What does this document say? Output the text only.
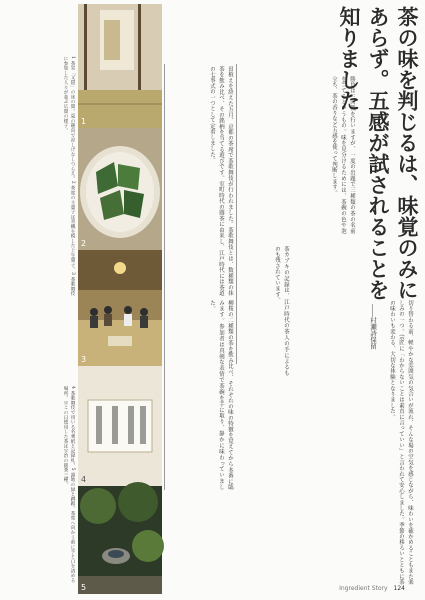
1
2
3
4
5
1 茶室「又隠」の床の間。夏の趣向で涼しげなしつらえ。2 茶席の主菓子は青楓を模した上生菓子。3 茶歌舞伎に参加した人々が並ぶ広間の様子。
4 茶歌舞伎で用いる名乗紙と記録札。5 露地の緑と蹲踞。茶席へ向かう前に手と口を清める場所。※この日使用した茶は宇治の銘茶三種。
田植えを終えた五月、京都の茶席で茶歌舞伎が行われました。茶歌舞伎とは、数種類の抹茶を飲み比べ、その銘柄を当てる遊びです。室町時代の闘茶に由来し、江戸時代には茶道の七事式の一つとして定着しました。
柳桜の二種類の茶を飲み比べ、それぞれの味の特徴を覚えてから本番に臨みます。参加者は真剣な表情で茶碗を手に取り、静かに味わっていました。
勝負は三回戦を行いますが、一度の出題で三種類の茶の名前を当てるというもの。味を見分けるためには、茶碗の色や泡立ち、茶の香りなど五感を使って判断します。
茶カブキの記録は、江戸時代の茶人の手によるものも残されています。
切り替わる前、軽やかな雰囲気の気合いが流れ、そんな場の空気を感じながら、味わいを確かめることもまた楽しみの一つ。宗匠に「わからないことは素直に言っていい」と言われて安心しました。季節の移ろいとともに茶の味わいも変わる、大切な体験となりました。
茶の味を判じるは、味覚のみにあらず。五感が試されることを知りました
――村瀬詩保留
Ingredient Story 124
